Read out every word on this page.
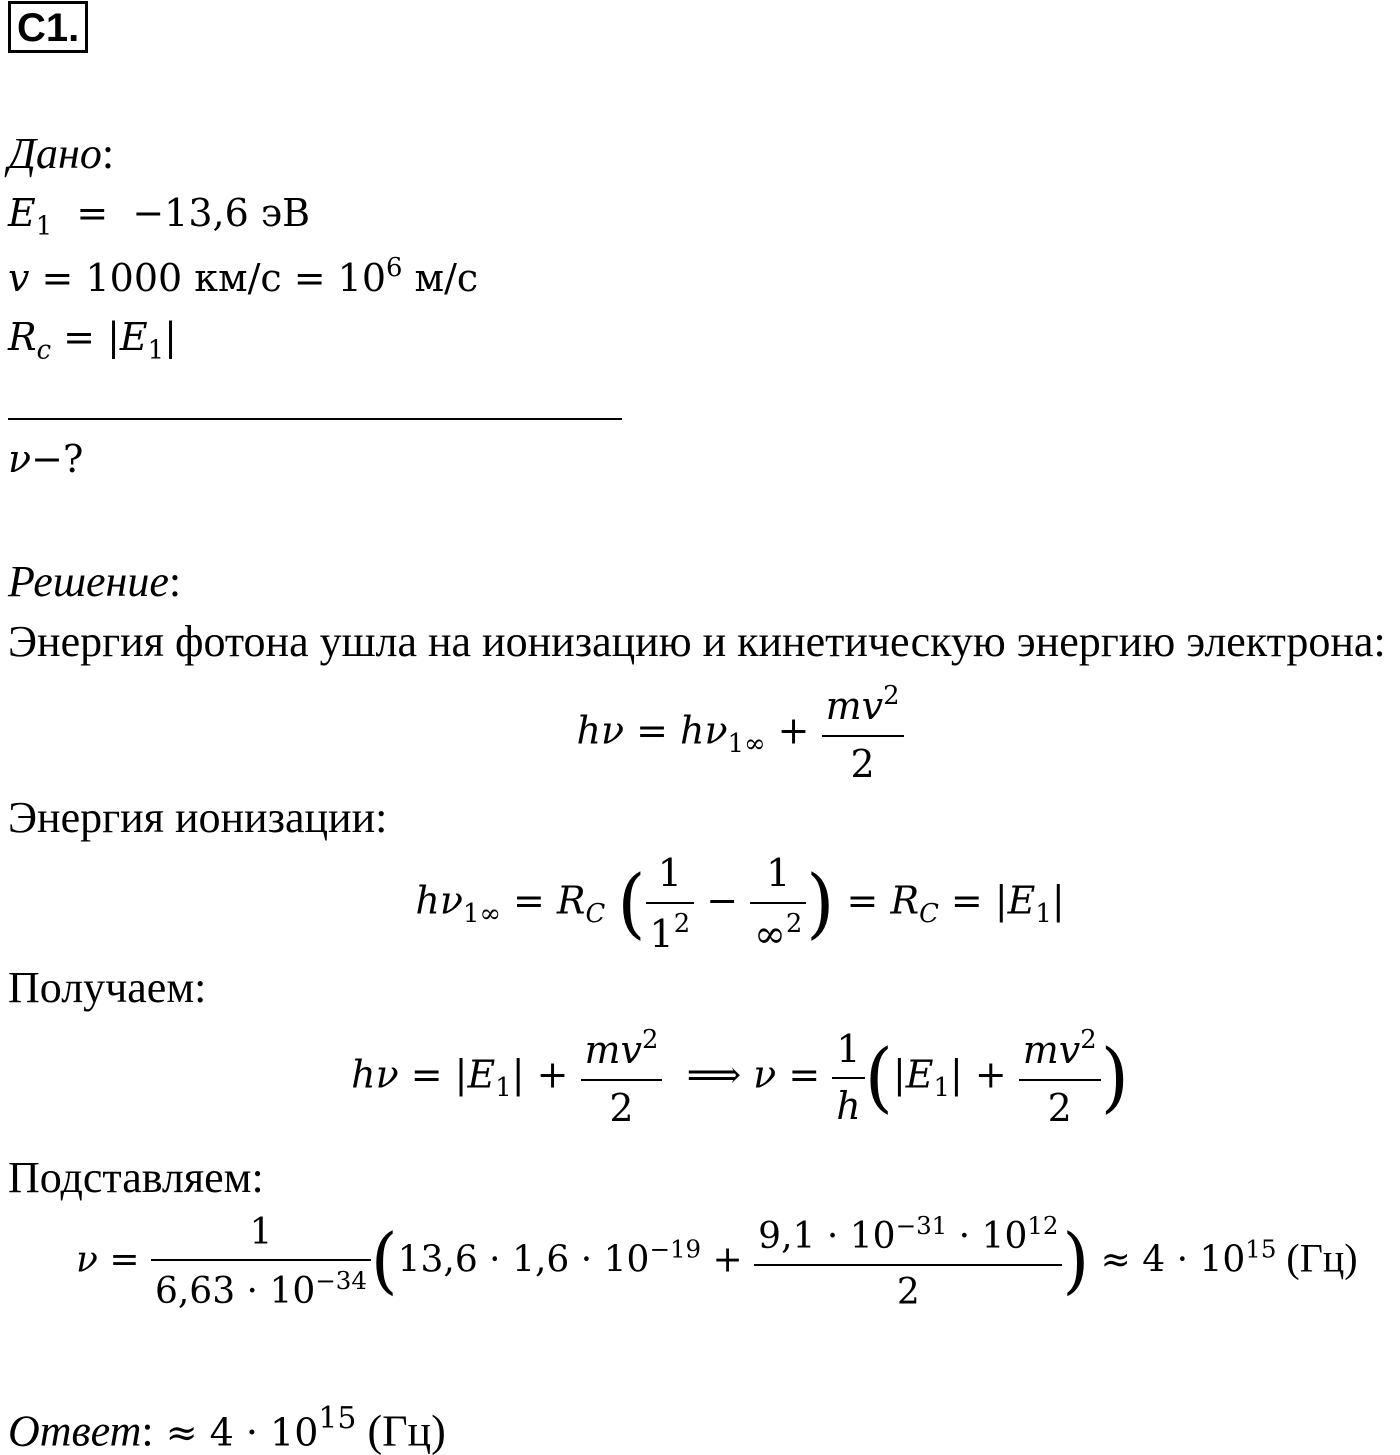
C1.
Дано:
$E_1 = -13,6$ эВ
v = 1000 $км/с = 10^6$ м/с
$R_c = |E_1|$
ν−?
Решение:
Энергия фотона ушла на ионизацию и кинетическую энергию электрона:
$h\nu = h\nu_{1\infty} + \frac{mv^2}{2}$
Энергия ионизации:
$h\nu_{1\infty} = R_C$ ( $\frac{1}{1^2} - \frac{1}{\infty^2}$ ) = $R_C = |E_1|$
Получаем:
$h\nu = |E_1| + \frac{mv^2}{2}$ ⟹ $\nu = \frac{1}{h} (|E_1| + \frac{mv^2}{2}$ )
Подставляем:
$\nu = \frac{1}{6,63 \cdot 10^{-34}} (13,6 \cdot 1,6 \cdot 10^{-19} + \frac{9,1 \cdot 10^{-31} \cdot 10^{12}}{2}$ ) ≈ $4 \cdot 10^{15}$ (Гц)
Ответ: ≈ $4 \cdot 10^{15}$ (Гц)
